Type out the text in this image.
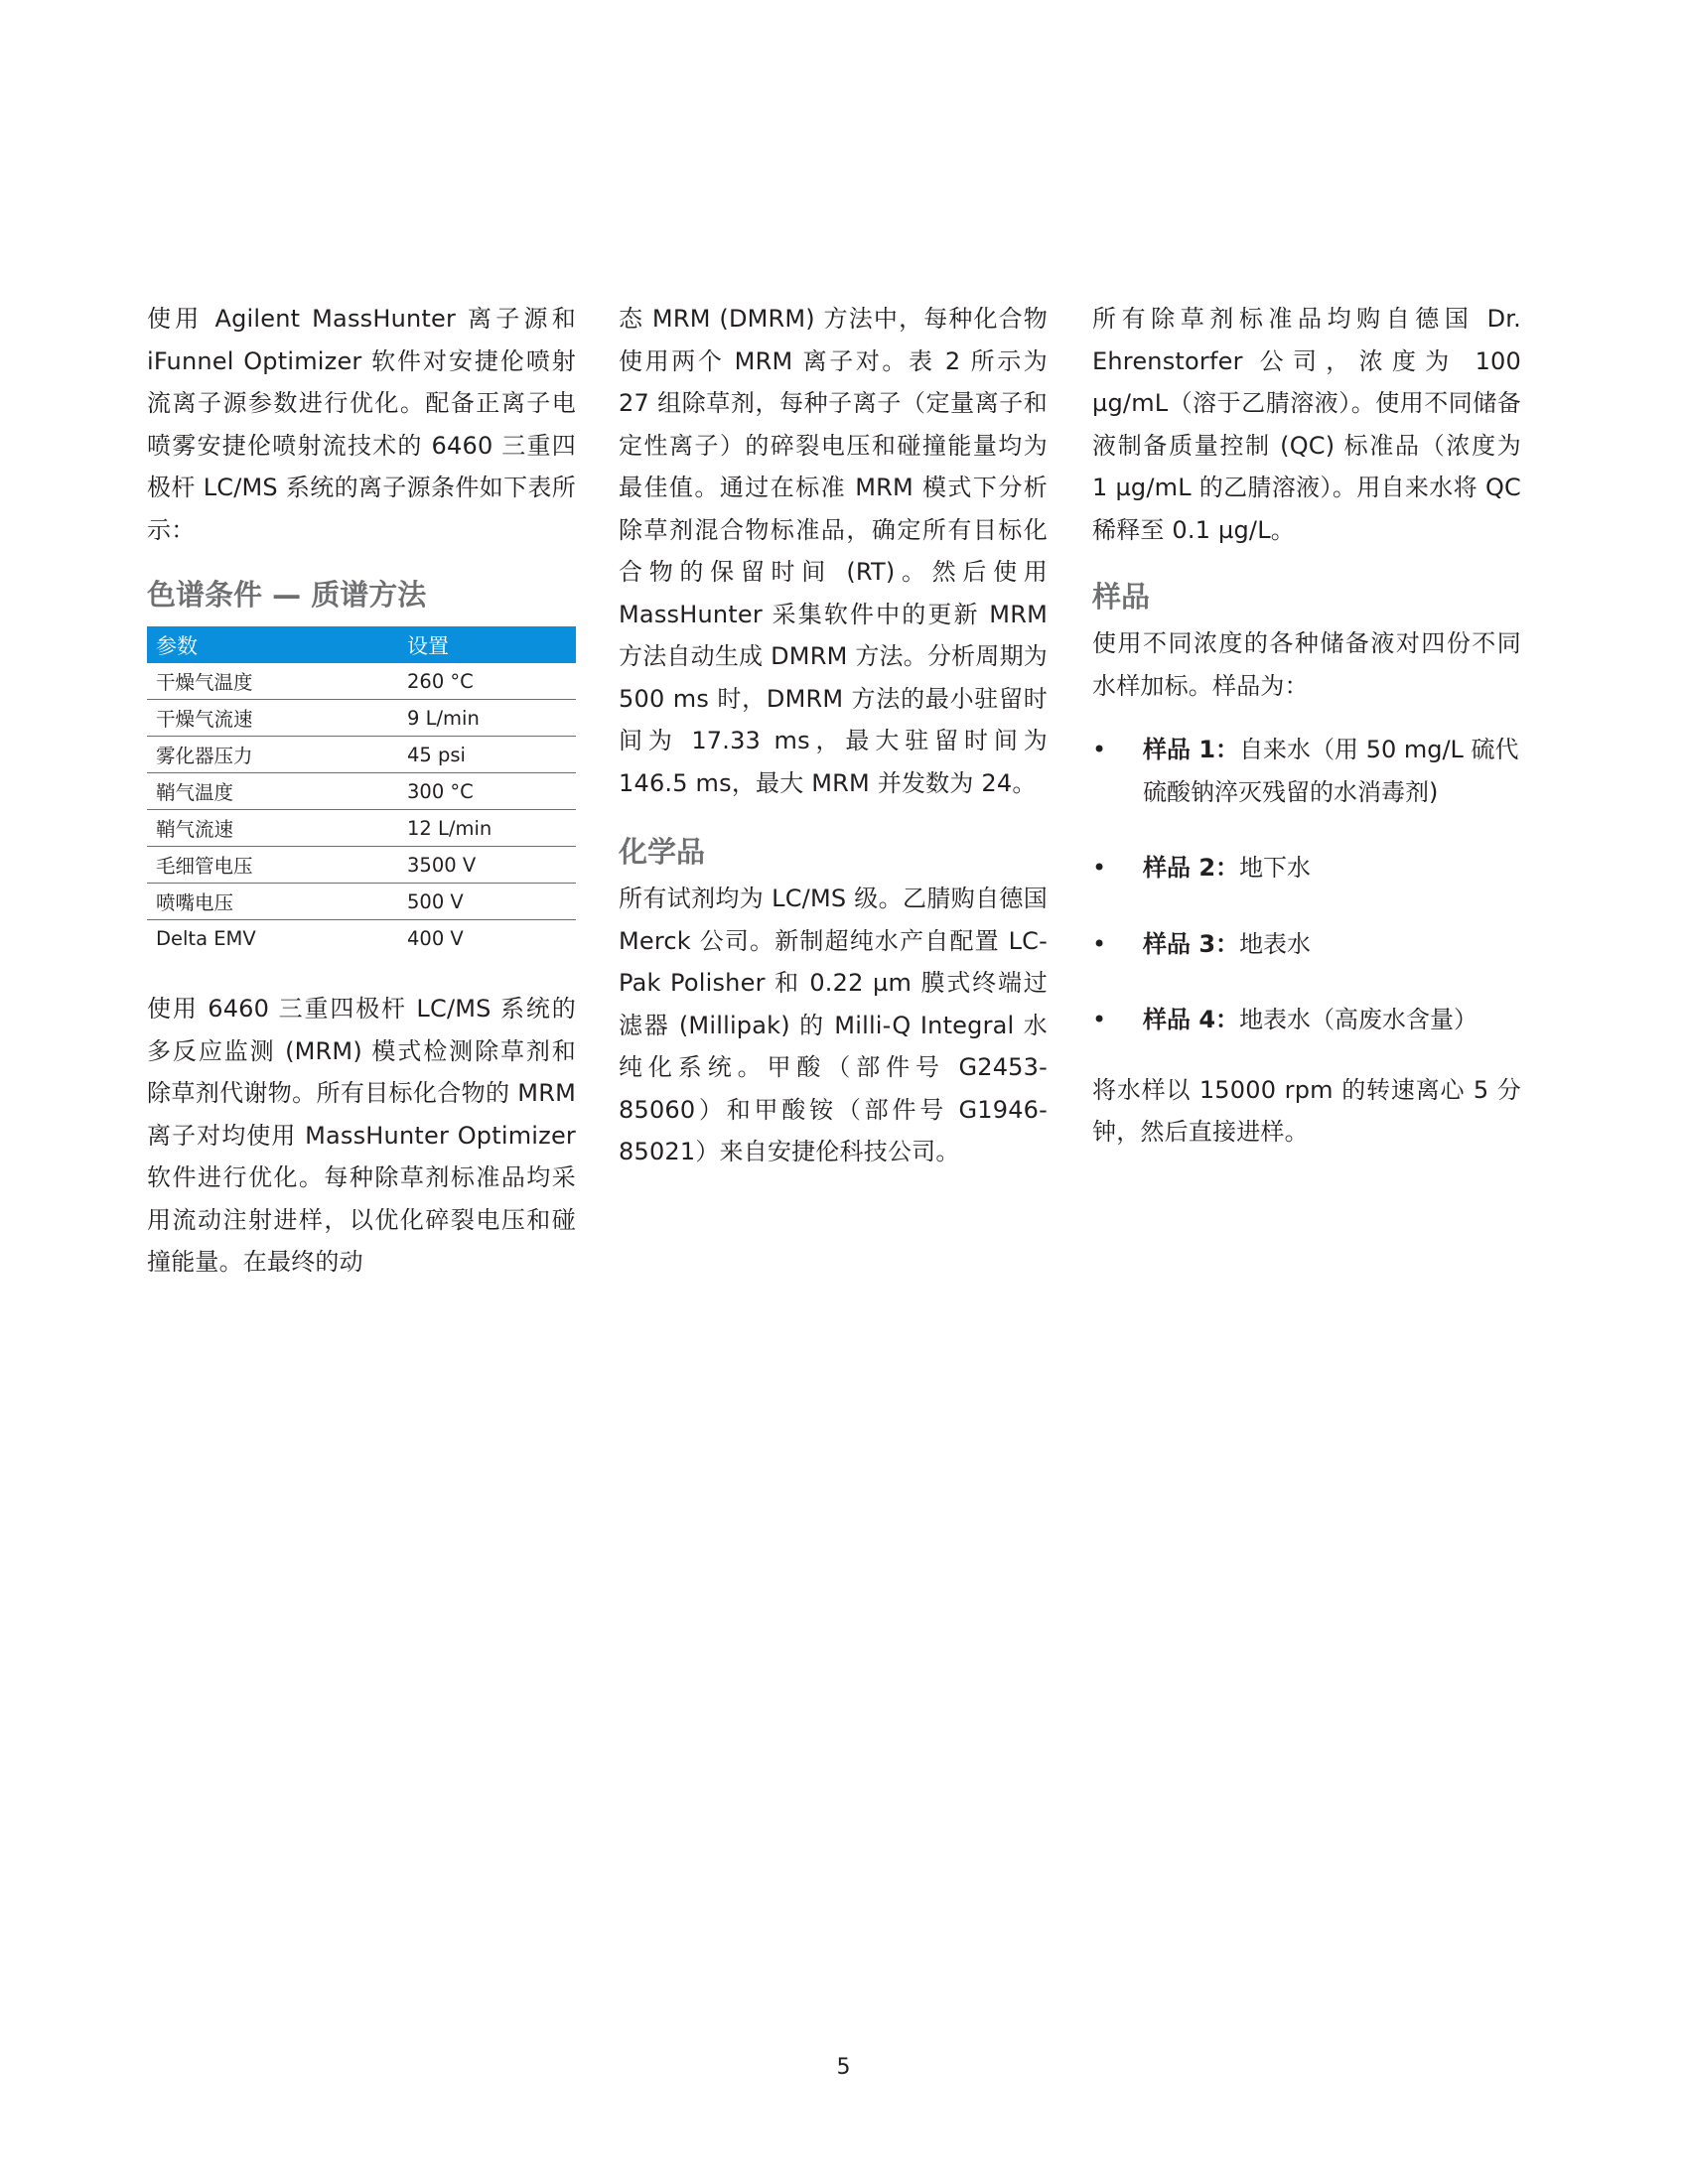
使用 Agilent MassHunter 离子源和 iFunnel Optimizer 软件对安捷伦喷射流离子源参数进行优化。配备正离子电喷雾安捷伦喷射流技术的 6460 三重四极杆 LC/MS 系统的离子源条件如下表所示：

色谱条件 — 质谱方法
参数	设置
干燥气温度	260 °C
干燥气流速	9 L/min
雾化器压力	45 psi
鞘气温度	300 °C
鞘气流速	12 L/min
毛细管电压	3500 V
喷嘴电压	500 V
Delta EMV	400 V

使用 6460 三重四极杆 LC/MS 系统的多反应监测 (MRM) 模式检测除草剂和除草剂代谢物。所有目标化合物的 MRM 离子对均使用 MassHunter Optimizer 软件进行优化。每种除草剂标准品均采用流动注射进样，以优化碎裂电压和碰撞能量。在最终的动

态 MRM (DMRM) 方法中，每种化合物使用两个 MRM 离子对。表 2 所示为 27 组除草剂，每种子离子（定量离子和定性离子）的碎裂电压和碰撞能量均为最佳值。通过在标准 MRM 模式下分析除草剂混合物标准品，确定所有目标化合物的保留时间 (RT)。然后使用 MassHunter 采集软件中的更新 MRM 方法自动生成 DMRM 方法。分析周期为 500 ms 时，DMRM 方法的最小驻留时间为 17.33 ms，最大驻留时间为 146.5 ms，最大 MRM 并发数为 24。

化学品

所有试剂均为 LC/MS 级。乙腈购自德国 Merck 公司。新制超纯水产自配置 LC-Pak Polisher 和 0.22 µm 膜式终端过滤器 (Millipak) 的 Milli-Q Integral 水纯化系统。甲酸（部件号 G2453-85060）和甲酸铵（部件号 G1946-85021）来自安捷伦科技公司。

所有除草剂标准品均购自德国 Dr. Ehrenstorfer 公司，浓度为 100 µg/mL（溶于乙腈溶液）。使用不同储备液制备质量控制 (QC) 标准品（浓度为 1 µg/mL 的乙腈溶液）。用自来水将 QC 稀释至 0.1 µg/L。

样品

使用不同浓度的各种储备液对四份不同水样加标。样品为：

• 样品 1：自来水（用 50 mg/L 硫代硫酸钠淬灭残留的水消毒剂)
• 样品 2：地下水
• 样品 3：地表水
• 样品 4：地表水（高废水含量）

将水样以 15000 rpm 的转速离心 5 分钟，然后直接进样。

5
